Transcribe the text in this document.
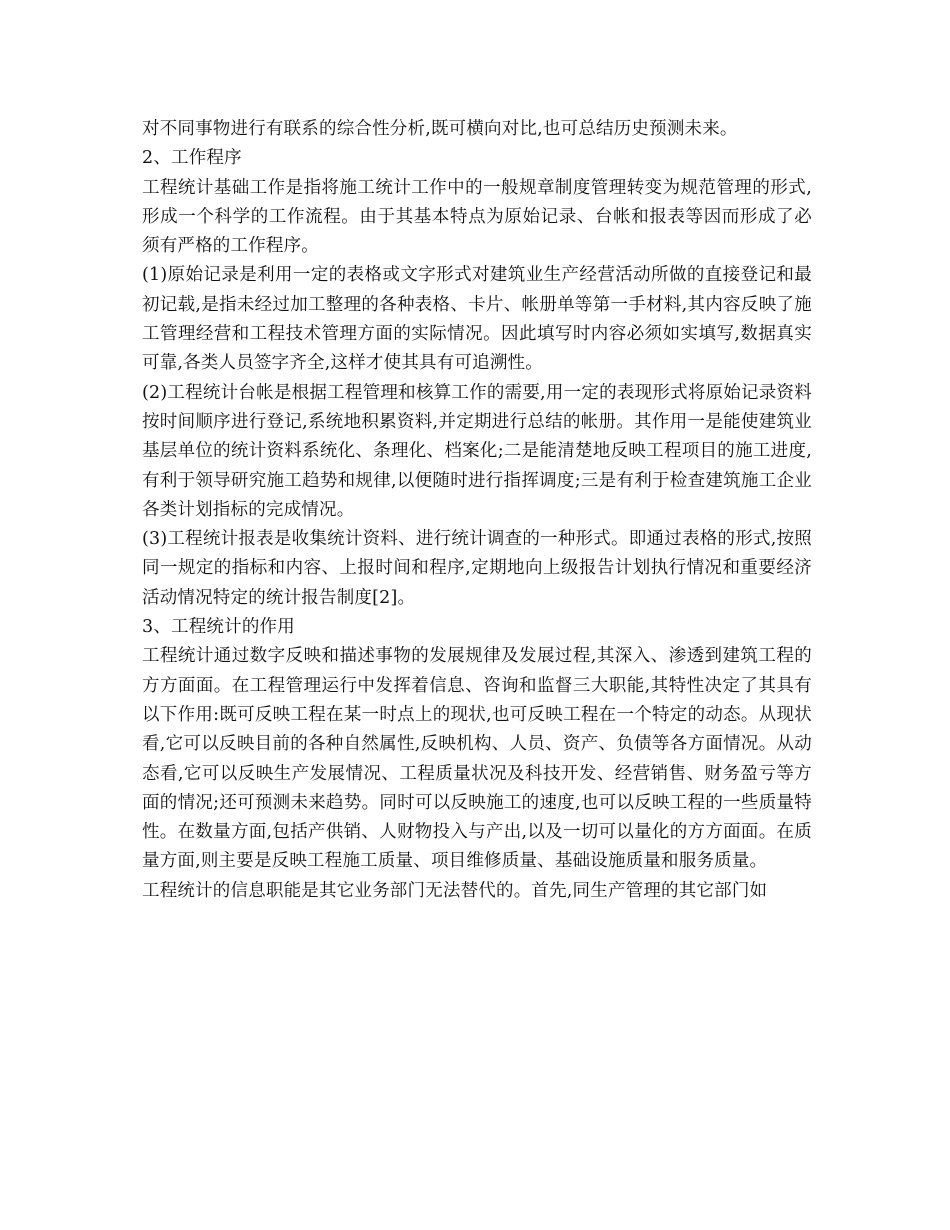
对不同事物进行有联系的综合性分析,既可横向对比,也可总结历史预测未来。

2、工作程序

工程统计基础工作是指将施工统计工作中的一般规章制度管理转变为规范管理的形式,形成一个科学的工作流程。由于其基本特点为原始记录、台帐和报表等因而形成了必须有严格的工作程序。

(1)原始记录是利用一定的表格或文字形式对建筑业生产经营活动所做的直接登记和最初记载,是指未经过加工整理的各种表格、卡片、帐册单等第一手材料,其内容反映了施工管理经营和工程技术管理方面的实际情况。因此填写时内容必须如实填写,数据真实可靠,各类人员签字齐全,这样才使其具有可追溯性。

(2)工程统计台帐是根据工程管理和核算工作的需要,用一定的表现形式将原始记录资料按时间顺序进行登记,系统地积累资料,并定期进行总结的帐册。其作用一是能使建筑业基层单位的统计资料系统化、条理化、档案化;二是能清楚地反映工程项目的施工进度,有利于领导研究施工趋势和规律,以便随时进行指挥调度;三是有利于检查建筑施工企业各类计划指标的完成情况。

(3)工程统计报表是收集统计资料、进行统计调查的一种形式。即通过表格的形式,按照同一规定的指标和内容、上报时间和程序,定期地向上级报告计划执行情况和重要经济活动情况特定的统计报告制度[2]。

3、工程统计的作用

工程统计通过数字反映和描述事物的发展规律及发展过程,其深入、渗透到建筑工程的方方面面。在工程管理运行中发挥着信息、咨询和监督三大职能,其特性决定了其具有以下作用:既可反映工程在某一时点上的现状,也可反映工程在一个特定的动态。从现状看,它可以反映目前的各种自然属性,反映机构、人员、资产、负债等各方面情况。从动态看,它可以反映生产发展情况、工程质量状况及科技开发、经营销售、财务盈亏等方面的情况;还可预测未来趋势。同时可以反映施工的速度,也可以反映工程的一些质量特性。在数量方面,包括产供销、人财物投入与产出,以及一切可以量化的方方面面。在质量方面,则主要是反映工程施工质量、项目维修质量、基础设施质量和服务质量。

工程统计的信息职能是其它业务部门无法替代的。首先,同生产管理的其它部门如
